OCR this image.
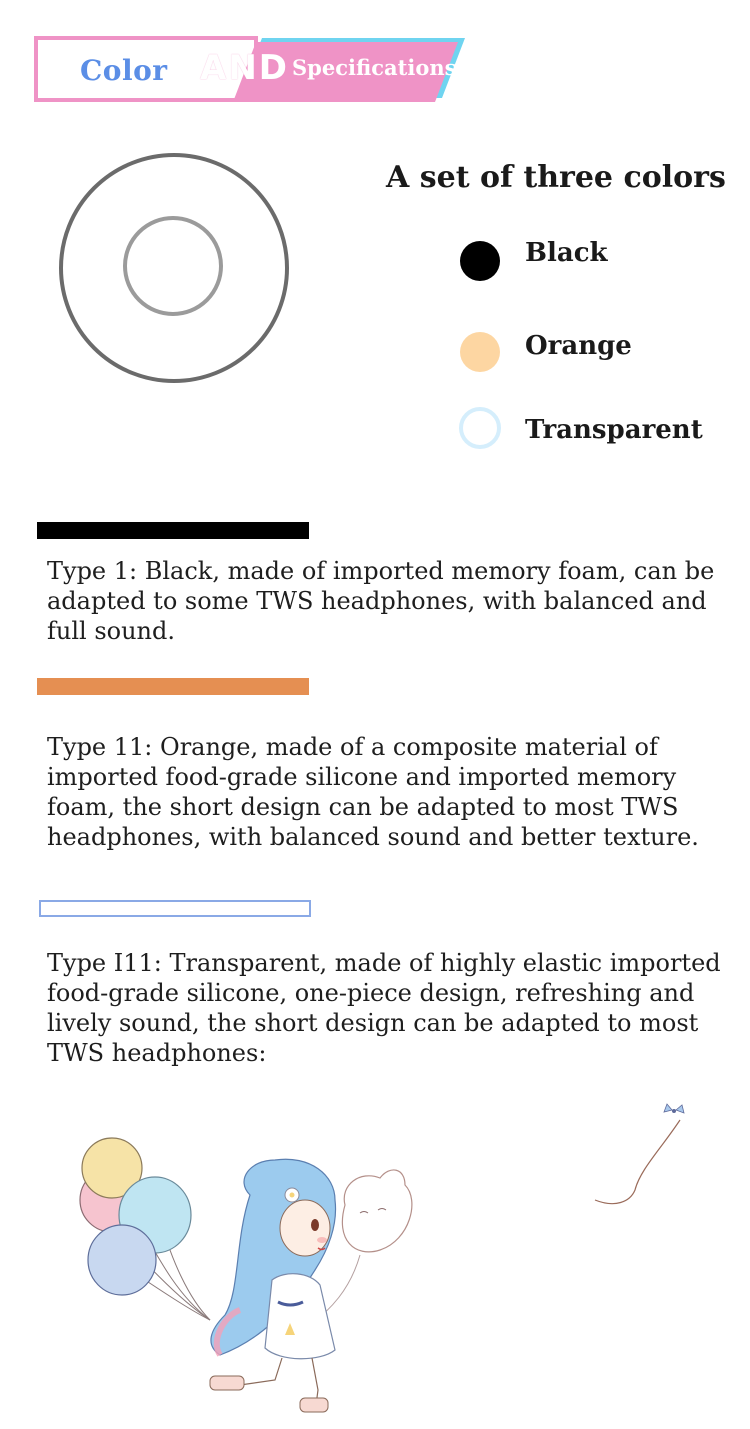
Color AND Specifications
A set of three colors
Black
Orange
Transparent
Type 1: Black, made of imported memory foam, can be adapted to some TWS headphones, with balanced and full sound.
Type 11: Orange, made of a composite material of imported food-grade silicone and imported memory foam, the short design can be adapted to most TWS headphones, with balanced sound and better texture.
Type I11: Transparent, made of highly elastic imported food-grade silicone, one-piece design, refreshing and lively sound, the short design can be adapted to most TWS headphones:
